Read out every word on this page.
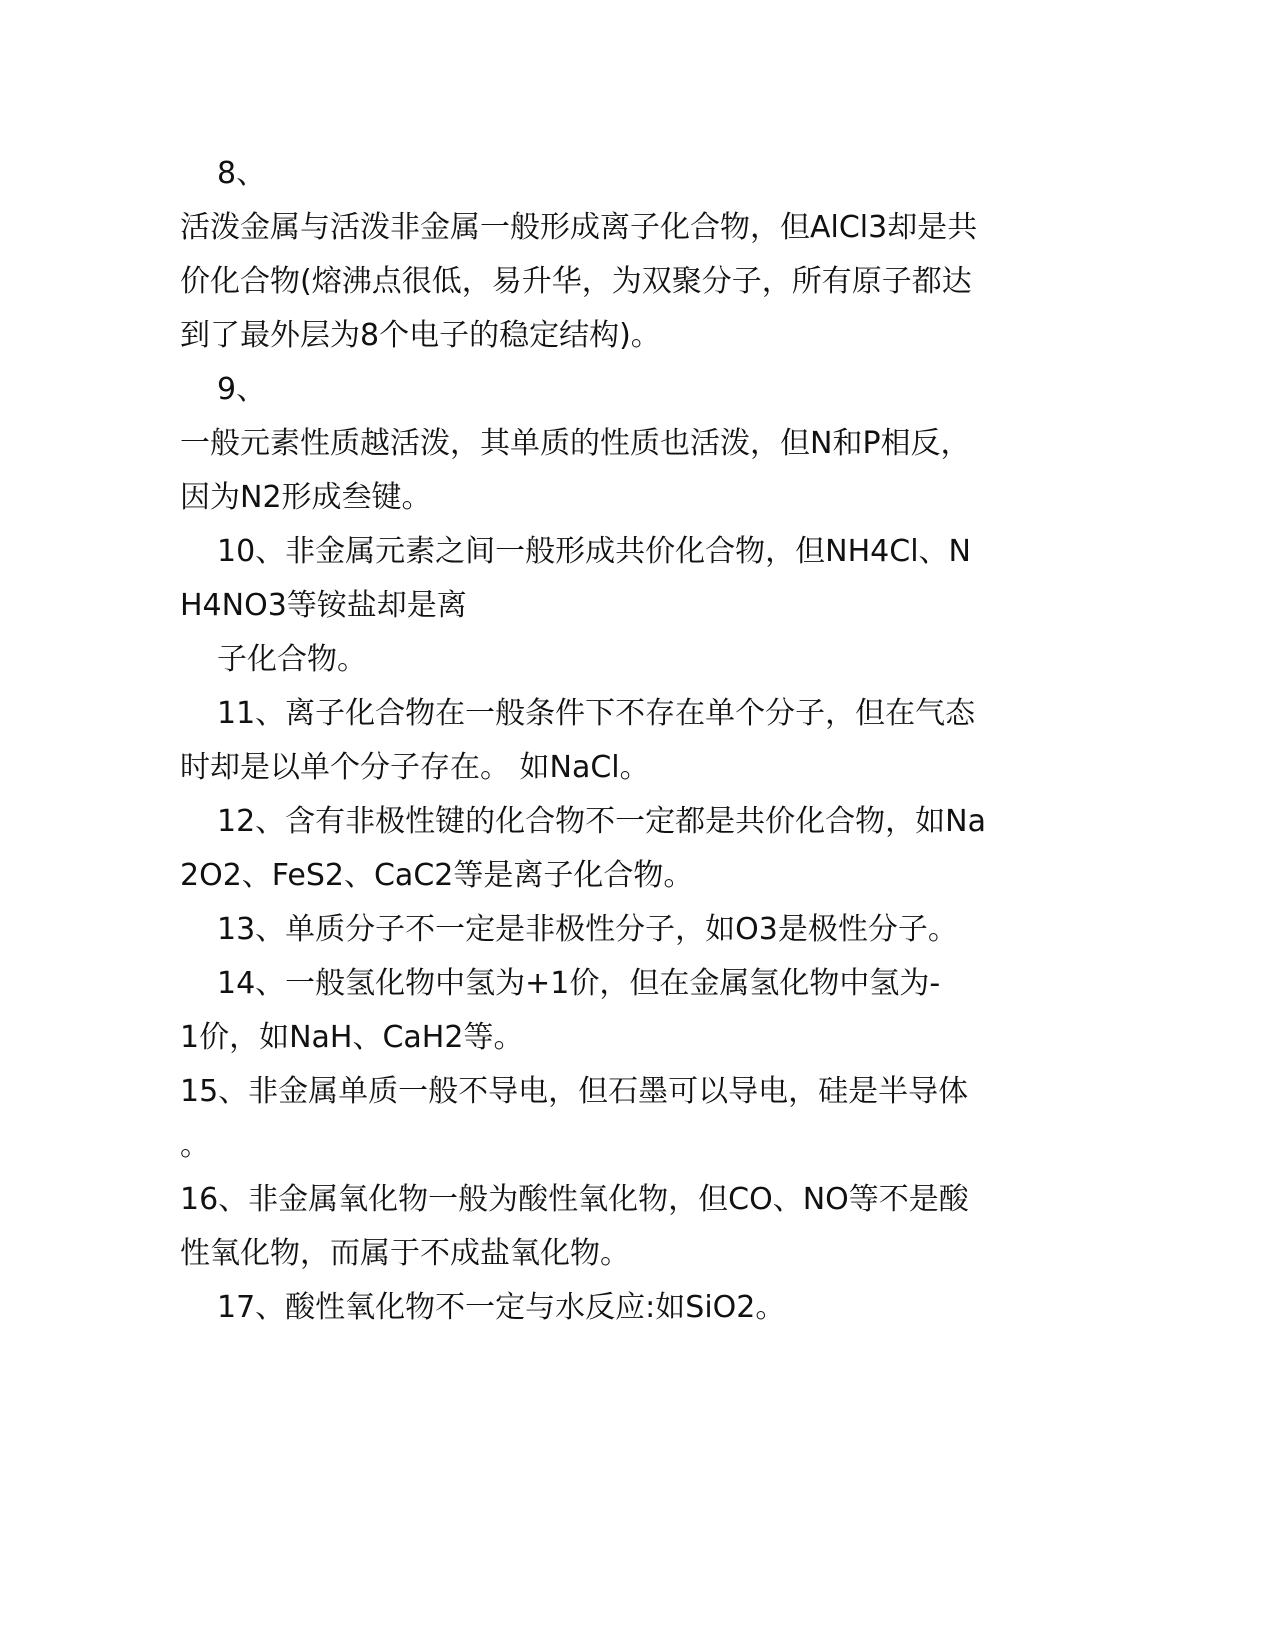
8、
活泼金属与活泼非金属一般形成离子化合物，但AlCl3却是共
价化合物(熔沸点很低，易升华，为双聚分子，所有原子都达
到了最外层为8个电子的稳定结构)。
9、
一般元素性质越活泼，其单质的性质也活泼，但N和P相反，
因为N2形成叁键。
10、非金属元素之间一般形成共价化合物，但NH4Cl、N
H4NO3等铵盐却是离
子化合物。
11、离子化合物在一般条件下不存在单个分子，但在气态
时却是以单个分子存在。 如NaCl。
12、含有非极性键的化合物不一定都是共价化合物，如Na
2O2、FeS2、CaC2等是离子化合物。
13、单质分子不一定是非极性分子，如O3是极性分子。
14、一般氢化物中氢为+1价，但在金属氢化物中氢为-
1价，如NaH、CaH2等。
15、非金属单质一般不导电，但石墨可以导电，硅是半导体
。
16、非金属氧化物一般为酸性氧化物，但CO、NO等不是酸
性氧化物，而属于不成盐氧化物。
17、酸性氧化物不一定与水反应:如SiO2。
